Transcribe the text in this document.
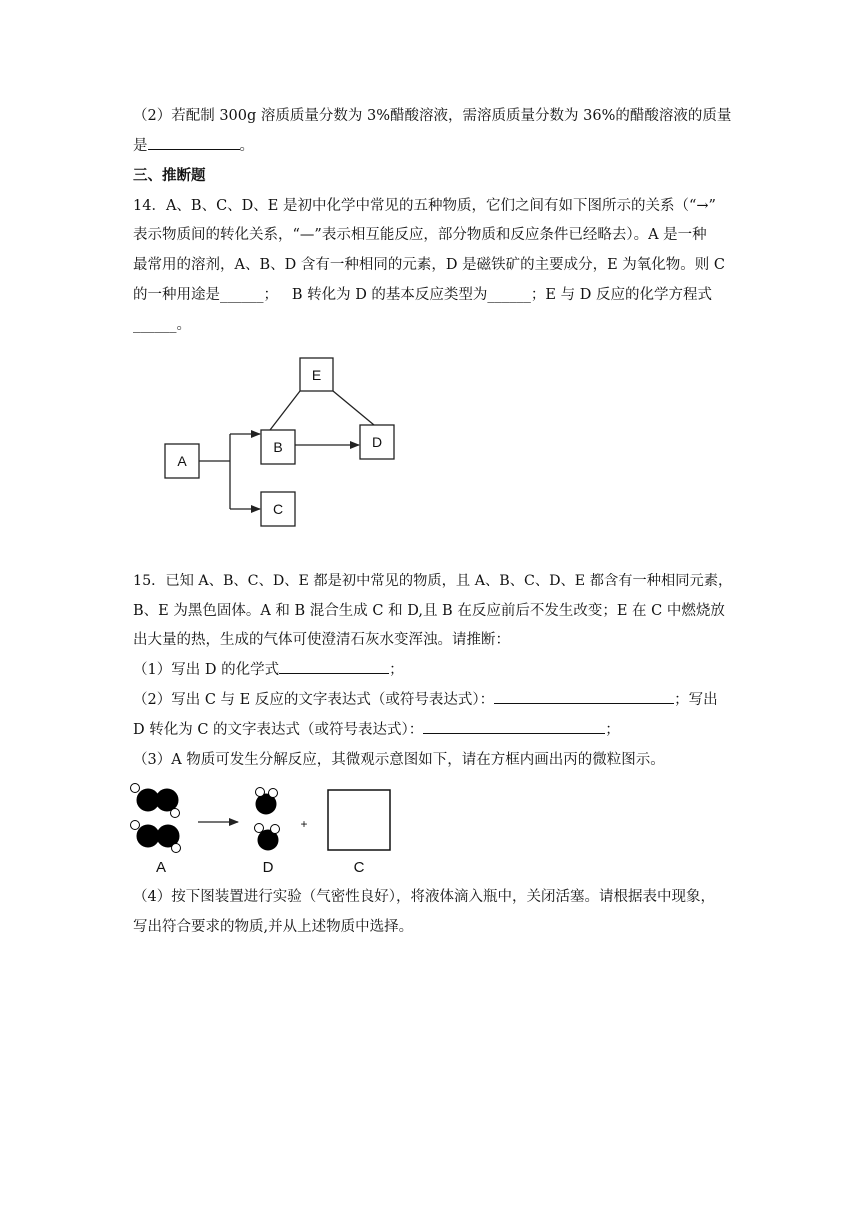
（2）若配制 300g 溶质质量分数为 3%醋酸溶液，需溶质质量分数为 36%的醋酸溶液的质量
是	。
三、推断题
14．A、B、C、D、E 是初中化学中常见的五种物质，它们之间有如下图所示的关系（“→”
表示物质间的转化关系，“—”表示相互能反应，部分物质和反应条件已经略去）。A 是一种
最常用的溶剂，A、B、D 含有一种相同的元素，D 是磁铁矿的主要成分，E 为氧化物。则 C
的一种用途是______； B 转化为 D 的基本反应类型为______；E 与 D 反应的化学方程式
______。
E
A
B	D
C
15．已知 A、B、C、D、E 都是初中常见的物质，且 A、B、C、D、E 都含有一种相同元素，
B、E 为黑色固体。A 和 B 混合生成 C 和 D,且 B 在反应前后不发生改变；E 在 C 中燃烧放
出大量的热，生成的气体可使澄清石灰水变浑浊。请推断：
（1）写出 D 的化学式	；
（2）写出 C 与 E 反应的文字表达式（或符号表达式）：	；写出
D 转化为 C 的文字表达式（或符号表达式）：	；
（3）A 物质可发生分解反应，其微观示意图如下，请在方框内画出丙的微粒图示。
+
A	D	C
（4）按下图装置进行实验（气密性良好），将液体滴入瓶中，关闭活塞。请根据表中现象，
写出符合要求的物质,并从上述物质中选择。
